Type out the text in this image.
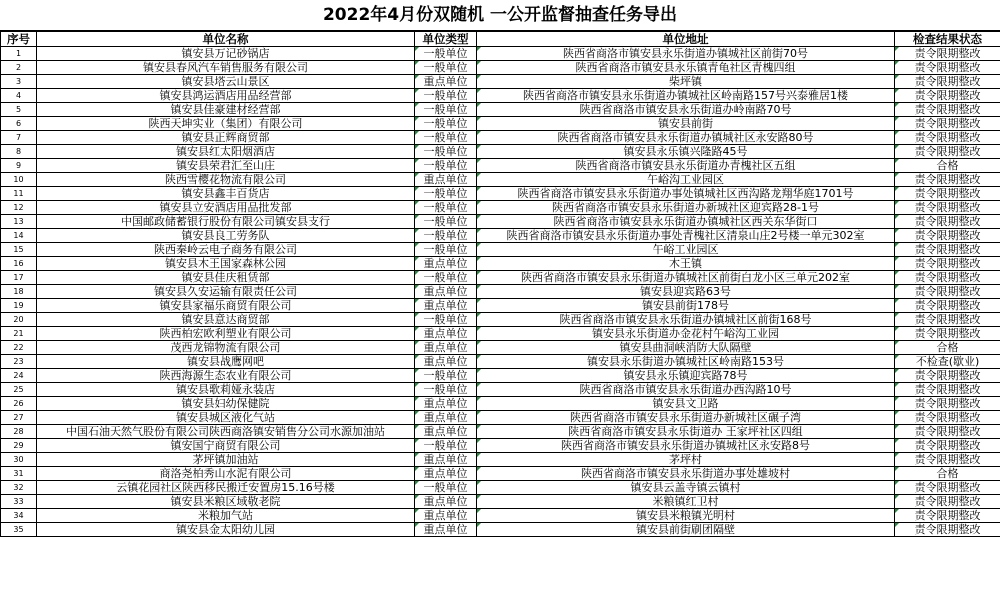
2022年4月份双随机 一公开监督抽查任务导出
序号	单位名称	单位类型	单位地址	检查结果状态
1	镇安县万记砂锅店	一般单位	陕西省商洛市镇安县永乐街道办镇城社区前街70号	责令限期整改
2	镇安县春风汽车销售服务有限公司	一般单位	陕西省商洛市镇安县永乐镇青龟社区青槐四组	责令限期整改
3	镇安县塔云山景区	重点单位	柴坪镇	责令限期整改
4	镇安县鸿运酒店用品经营部	一般单位	陕西省商洛市镇安县永乐街道办镇城社区岭南路157号兴泰雅居1楼	责令限期整改
5	镇安县佳豪建材经营部	一般单位	陕西省商洛市镇安县永乐街道办岭南路70号	责令限期整改
6	陕西天坤实业（集团）有限公司	一般单位	镇安县前街	责令限期整改
7	镇安县正辉商贸部	一般单位	陕西省商洛市镇安县永乐街道办镇城社区永安路80号	责令限期整改
8	镇安县红太阳烟酒店	一般单位	镇安县永乐镇兴隆路45号	责令限期整改
9	镇安县荣君汇至山庄	一般单位	陕西省商洛市镇安县永乐街道办青槐社区五组	合格
10	陕西雪樱花物流有限公司	重点单位	午峪沟工业园区	责令限期整改
11	镇安县鑫丰百货店	一般单位	陕西省商洛市镇安县永乐街道办事处镇城社区西沟路龙翔华庭1701号	责令限期整改
12	镇安县立安酒店用品批发部	一般单位	陕西省商洛市镇安县永乐街道办新城社区迎宾路28-1号	责令限期整改
13	中国邮政储蓄银行股份有限公司镇安县支行	一般单位	陕西省商洛市镇安县永乐街道办镇城社区西关东华街口	责令限期整改
14	镇安县良工劳务队	一般单位	陕西省商洛市镇安县永乐街道办事处青槐社区清泉山庄2号楼一单元302室	责令限期整改
15	陕西秦岭云电子商务有限公司	一般单位	午峪工业园区	责令限期整改
16	镇安县木王国家森林公园	重点单位	木王镇	责令限期整改
17	镇安县佳庆租赁部	一般单位	陕西省商洛市镇安县永乐街道办镇城社区前街白龙小区三单元202室	责令限期整改
18	镇安县久安运输有限责任公司	重点单位	镇安县迎宾路63号	责令限期整改
19	镇安县家福乐商贸有限公司	重点单位	镇安县前街178号	责令限期整改
20	镇安县意达商贸部	一般单位	陕西省商洛市镇安县永乐街道办镇城社区前街168号	责令限期整改
21	陕西柏宏欧利塑业有限公司	重点单位	镇安县永乐街道办金花村午峪沟工业园	责令限期整改
22	茂西龙锦物流有限公司	重点单位	镇安县曲洞峡消防大队隔壁	合格
23	镇安县战鹰网吧	重点单位	镇安县永乐街道办镇城社区岭南路153号	不检查(歇业)
24	陕西海源生态农业有限公司	一般单位	镇安县永乐镇迎宾路78号	责令限期整改
25	镇安县歌莉娅永装店	一般单位	陕西省商洛市镇安县永乐街道办西沟路10号	责令限期整改
26	镇安县妇幼保健院	重点单位	镇安县文卫路	责令限期整改
27	镇安县城区液化气站	重点单位	陕西省商洛市镇安县永乐街道办新城社区碾子湾	责令限期整改
28	中国石油天然气股份有限公司陕西商洛镇安销售分公司水源加油站	重点单位	陕西省商洛市镇安县永乐街道办 王家坪社区四组	责令限期整改
29	镇安国宁商贸有限公司	一般单位	陕西省商洛市镇安县永乐街道办镇城社区永安路8号	责令限期整改
30	茅坪镇加油站	重点单位	茅坪村	责令限期整改
31	商洛尧柏秀山水泥有限公司	重点单位	陕西省商洛市镇安县永乐街道办事处雄坡村	合格
32	云镇花园社区陕西移民搬迁安置房15.16号楼	一般单位	镇安县云盖寺镇云镇村	责令限期整改
33	镇安县米粮区域敬老院	重点单位	米粮镇红卫村	责令限期整改
34	米粮加气站	重点单位	镇安县米粮镇光明村	责令限期整改
35	镇安县金太阳幼儿园	重点单位	镇安县前街刷团隔壁	责令限期整改
